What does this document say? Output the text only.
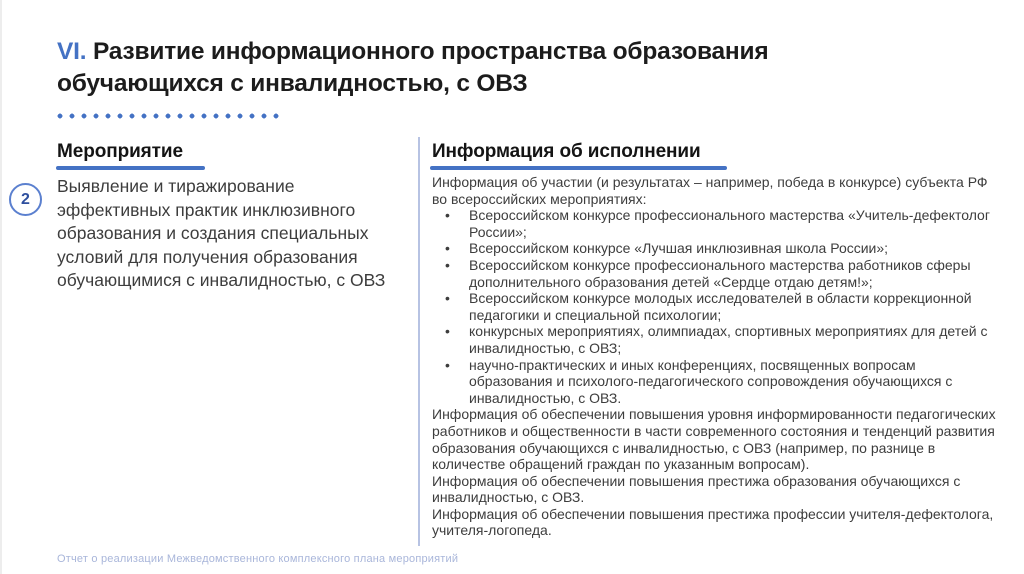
VI. Развитие информационного пространства образования обучающихся с инвалидностью, с ОВЗ
Мероприятие
2

Выявление и тиражирование эффективных практик инклюзивного образования и создания специальных условий для получения образования обучающимися с инвалидностью, с ОВЗ

Информация об исполнении

Информация об участии (и результатах – например, победа в конкурсе) субъекта РФ во всероссийских мероприятиях:

• Всероссийском конкурсе профессионального мастерства «Учитель-дефектолог России»;
• Всероссийском конкурсе «Лучшая инклюзивная школа России»;
• Всероссийском конкурсе профессионального мастерства работников сферы дополнительного образования детей «Сердце отдаю детям!»;
• Всероссийском конкурсе молодых исследователей в области коррекционной педагогики и специальной психологии;
• конкурсных мероприятиях, олимпиадах, спортивных мероприятиях для детей с инвалидностью, с ОВЗ;
• научно-практических и иных конференциях, посвященных вопросам образования и психолого-педагогического сопровождения обучающихся с инвалидностью, с ОВЗ.

Информация об обеспечении повышения уровня информированности педагогических работников и общественности в части современного состояния и тенденций развития образования обучающихся с инвалидностью, с ОВЗ (например, по разнице в количестве обращений граждан по указанным вопросам).

Информация об обеспечении повышения престижа образования обучающихся с инвалидностью, с ОВЗ.

Информация об обеспечении повышения престижа профессии учителя-дефектолога, учителя-логопеда.

Отчет о реализации Межведомственного комплексного плана мероприятий
